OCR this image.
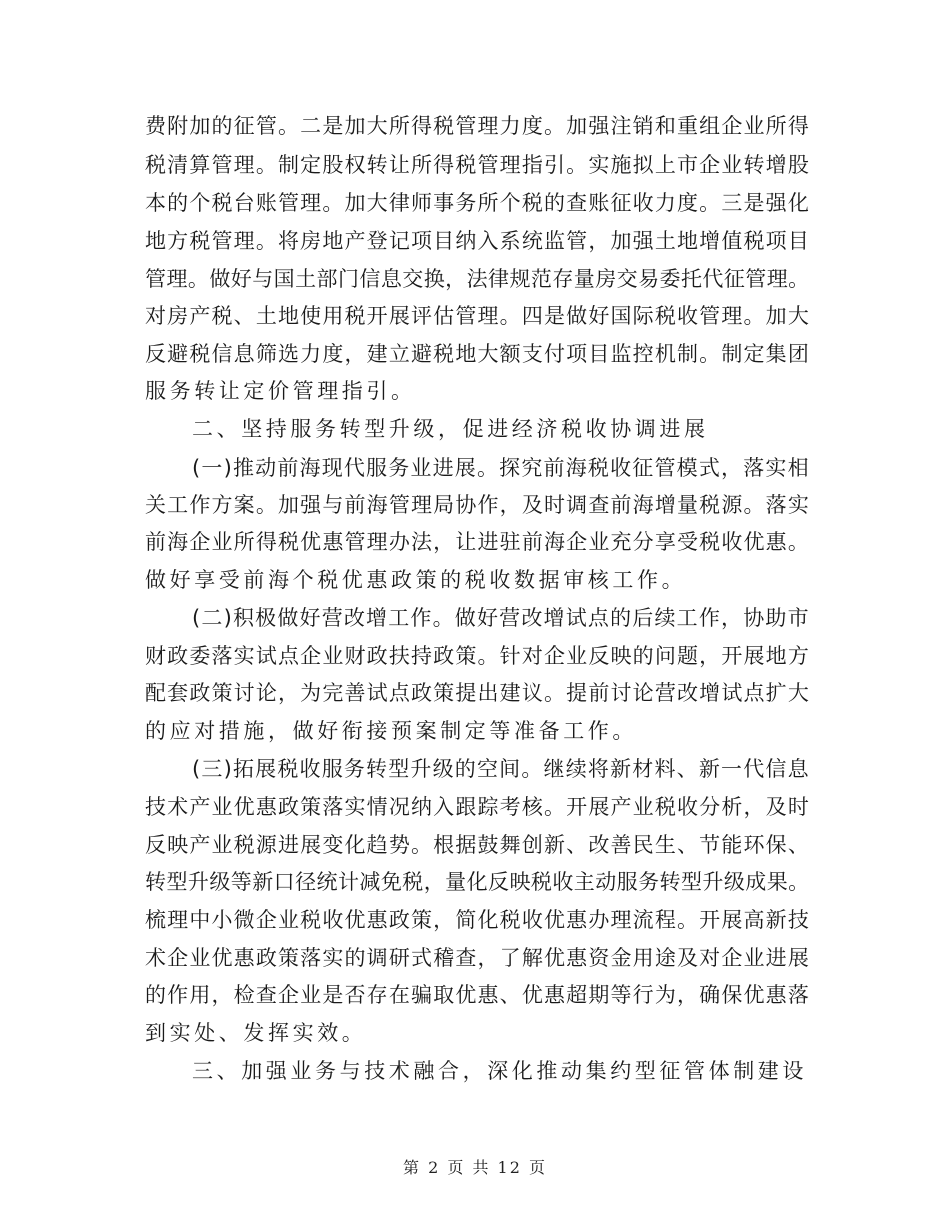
费附加的征管。二是加大所得税管理力度。加强注销和重组企业所得
税清算管理。制定股权转让所得税管理指引。实施拟上市企业转增股
本的个税台账管理。加大律师事务所个税的查账征收力度。三是强化
地方税管理。将房地产登记项目纳入系统监管，加强土地增值税项目
管理。做好与国土部门信息交换，法律规范存量房交易委托代征管理。
对房产税、土地使用税开展评估管理。四是做好国际税收管理。加大
反避税信息筛选力度，建立避税地大额支付项目监控机制。制定集团
服务转让定价管理指引。
二、坚持服务转型升级，促进经济税收协调进展
(一)推动前海现代服务业进展。探究前海税收征管模式，落实相
关工作方案。加强与前海管理局协作，及时调查前海增量税源。落实
前海企业所得税优惠管理办法，让进驻前海企业充分享受税收优惠。
做好享受前海个税优惠政策的税收数据审核工作。
(二)积极做好营改增工作。做好营改增试点的后续工作，协助市
财政委落实试点企业财政扶持政策。针对企业反映的问题，开展地方
配套政策讨论，为完善试点政策提出建议。提前讨论营改增试点扩大
的应对措施，做好衔接预案制定等准备工作。
(三)拓展税收服务转型升级的空间。继续将新材料、新一代信息
技术产业优惠政策落实情况纳入跟踪考核。开展产业税收分析，及时
反映产业税源进展变化趋势。根据鼓舞创新、改善民生、节能环保、
转型升级等新口径统计减免税，量化反映税收主动服务转型升级成果。
梳理中小微企业税收优惠政策，简化税收优惠办理流程。开展高新技
术企业优惠政策落实的调研式稽查，了解优惠资金用途及对企业进展
的作用，检查企业是否存在骗取优惠、优惠超期等行为，确保优惠落
到实处、发挥实效。
三、加强业务与技术融合，深化推动集约型征管体制建设
第 2 页 共 12 页
